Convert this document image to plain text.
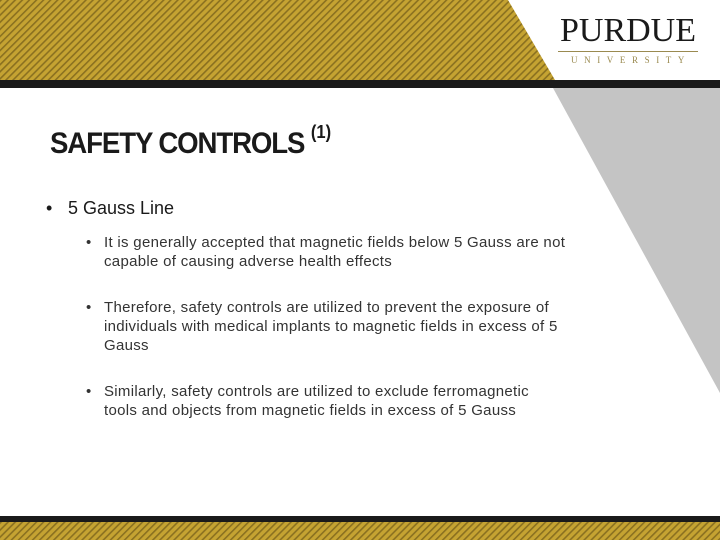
PURDUE
UNIVERSITY
SAFETY CONTROLS $^{(1)}$
• 5 Gauss Line
• It is generally accepted that magnetic fields below 5 Gauss are not capable of causing adverse health effects
• Therefore, safety controls are utilized to prevent the exposure of individuals with medical implants to magnetic fields in excess of 5 Gauss
• Similarly, safety controls are utilized to exclude ferromagnetic tools and objects from magnetic fields in excess of 5 Gauss
